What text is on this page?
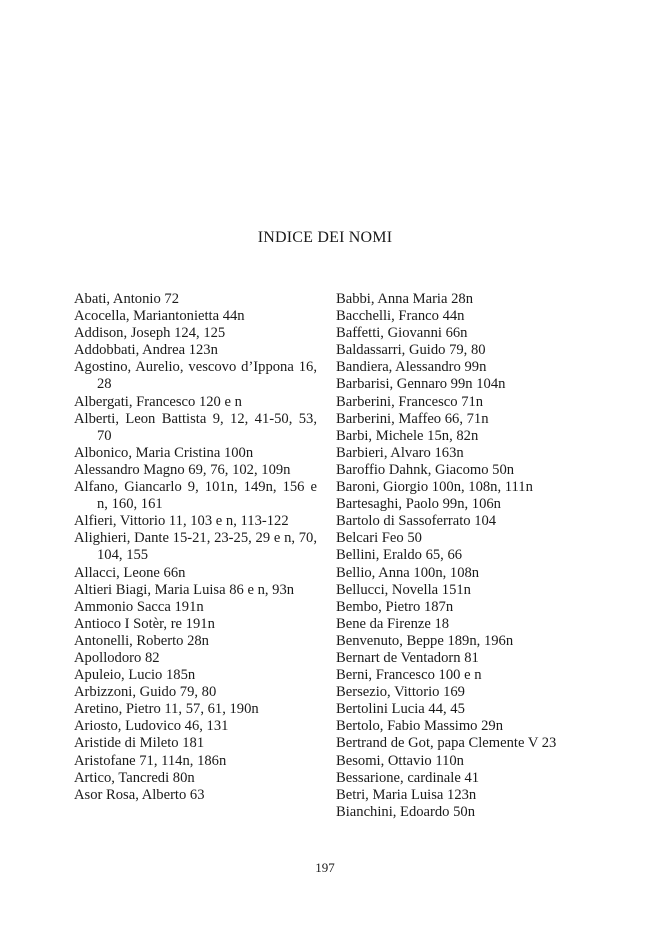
INDICE DEI NOMI
Abati, Antonio 72
Acocella, Mariantonietta 44n
Addison, Joseph 124, 125
Addobbati, Andrea 123n
Agostino, Aurelio, vescovo d’Ippona 16, 28
Albergati, Francesco 120 e n
Alberti, Leon Battista 9, 12, 41-50, 53, 70
Albonico, Maria Cristina 100n
Alessandro Magno 69, 76, 102, 109n
Alfano, Giancarlo 9, 101n, 149n, 156 e n, 160, 161
Alfieri, Vittorio 11, 103 e n, 113-122
Alighieri, Dante 15-21, 23-25, 29 e n, 70, 104, 155
Allacci, Leone 66n
Altieri Biagi, Maria Luisa 86 e n, 93n
Ammonio Sacca 191n
Antioco I Sotèr, re 191n
Antonelli, Roberto 28n
Apollodoro 82
Apuleio, Lucio 185n
Arbizzoni, Guido 79, 80
Aretino, Pietro 11, 57, 61, 190n
Ariosto, Ludovico 46, 131
Aristide di Mileto 181
Aristofane 71, 114n, 186n
Artico, Tancredi 80n
Asor Rosa, Alberto 63
Babbi, Anna Maria 28n
Bacchelli, Franco 44n
Baffetti, Giovanni 66n
Baldassarri, Guido 79, 80
Bandiera, Alessandro 99n
Barbarisi, Gennaro 99n 104n
Barberini, Francesco 71n
Barberini, Maffeo 66, 71n
Barbi, Michele 15n, 82n
Barbieri, Alvaro 163n
Baroffio Dahnk, Giacomo 50n
Baroni, Giorgio 100n, 108n, 111n
Bartesaghi, Paolo 99n, 106n
Bartolo di Sassoferrato 104
Belcari Feo 50
Bellini, Eraldo 65, 66
Bellio, Anna 100n, 108n
Bellucci, Novella 151n
Bembo, Pietro 187n
Bene da Firenze 18
Benvenuto, Beppe 189n, 196n
Bernart de Ventadorn 81
Berni, Francesco 100 e n
Bersezio, Vittorio 169
Bertolini Lucia 44, 45
Bertolo, Fabio Massimo 29n
Bertrand de Got, papa Clemente V 23
Besomi, Ottavio 110n
Bessarione, cardinale 41
Betri, Maria Luisa 123n
Bianchini, Edoardo 50n
197
